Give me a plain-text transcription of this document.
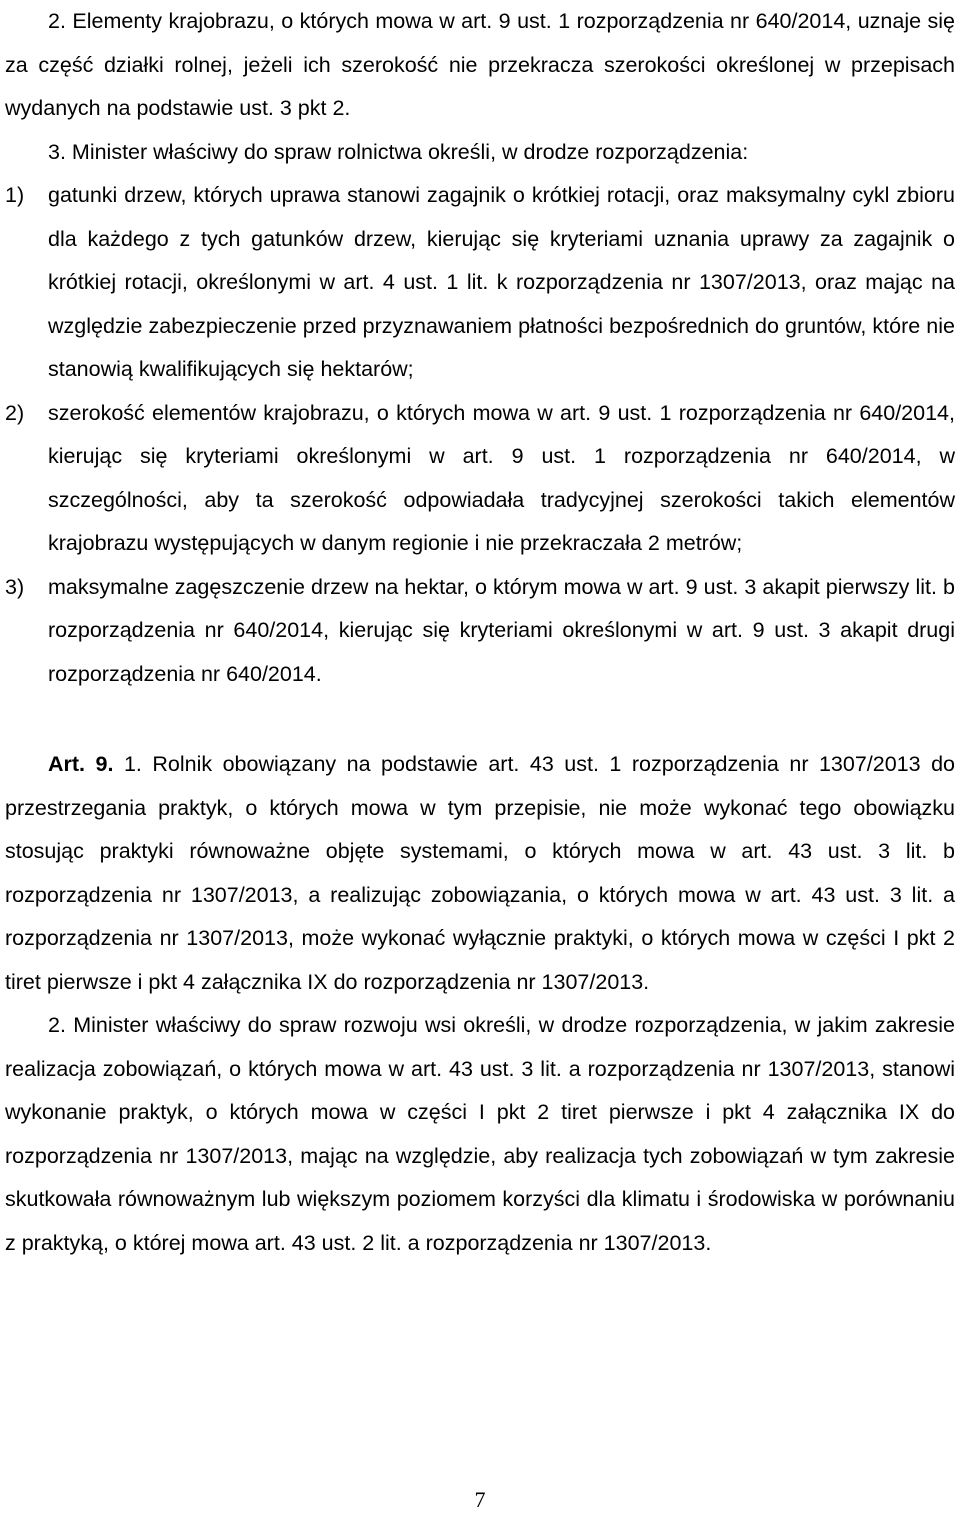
2. Elementy krajobrazu, o których mowa w art. 9 ust. 1 rozporządzenia nr 640/2014, uznaje się za część działki rolnej, jeżeli ich szerokość nie przekracza szerokości określonej w przepisach wydanych na podstawie ust. 3 pkt 2.

3. Minister właściwy do spraw rolnictwa określi, w drodze rozporządzenia:

1)	gatunki drzew, których uprawa stanowi zagajnik o krótkiej rotacji, oraz maksymalny cykl zbioru dla każdego z tych gatunków drzew, kierując się kryteriami uznania uprawy za zagajnik o krótkiej rotacji, określonymi w art. 4 ust. 1 lit. k rozporządzenia nr 1307/2013, oraz mając na względzie zabezpieczenie przed przyznawaniem płatności bezpośrednich do gruntów, które nie stanowią kwalifikujących się hektarów;
2)	szerokość elementów krajobrazu, o których mowa w art. 9 ust. 1 rozporządzenia nr 640/2014, kierując się kryteriami określonymi w art. 9 ust. 1 rozporządzenia nr 640/2014, w szczególności, aby ta szerokość odpowiadała tradycyjnej szerokości takich elementów krajobrazu występujących w danym regionie i nie przekraczała 2 metrów;
3)	maksymalne zagęszczenie drzew na hektar, o którym mowa w art. 9 ust. 3 akapit pierwszy lit. b rozporządzenia nr 640/2014, kierując się kryteriami określonymi w art. 9 ust. 3 akapit drugi rozporządzenia nr 640/2014.

Art. 9. 1. Rolnik obowiązany na podstawie art. 43 ust. 1 rozporządzenia nr 1307/2013 do przestrzegania praktyk, o których mowa w tym przepisie, nie może wykonać tego obowiązku stosując praktyki równoważne objęte systemami, o których mowa w art. 43 ust. 3 lit. b rozporządzenia nr 1307/2013, a realizując zobowiązania, o których mowa w art. 43 ust. 3 lit. a rozporządzenia nr 1307/2013, może wykonać wyłącznie praktyki, o których mowa w części I pkt 2 tiret pierwsze i pkt 4 załącznika IX do rozporządzenia nr 1307/2013.

2. Minister właściwy do spraw rozwoju wsi określi, w drodze rozporządzenia, w jakim zakresie realizacja zobowiązań, o których mowa w art. 43 ust. 3 lit. a rozporządzenia nr 1307/2013, stanowi wykonanie praktyk, o których mowa w części I pkt 2 tiret pierwsze i pkt 4 załącznika IX do rozporządzenia nr 1307/2013, mając na względzie, aby realizacja tych zobowiązań w tym zakresie skutkowała równoważnym lub większym poziomem korzyści dla klimatu i środowiska w porównaniu z praktyką, o której mowa art. 43 ust. 2 lit. a rozporządzenia nr 1307/2013.

7
